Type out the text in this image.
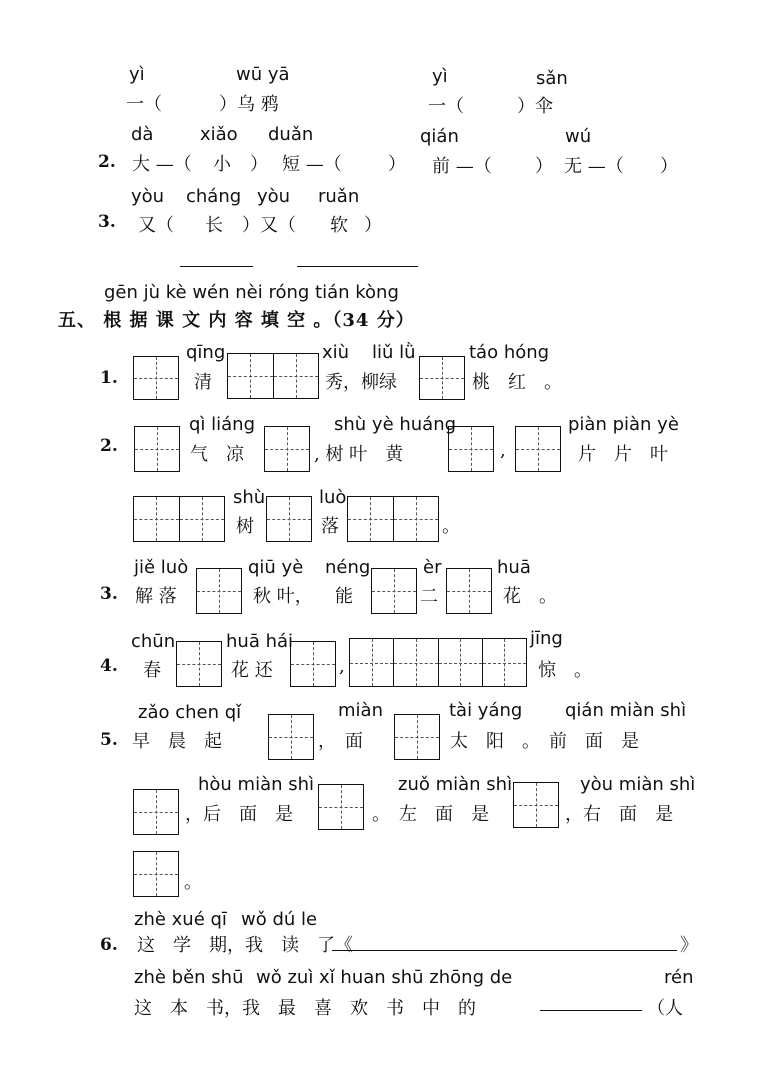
yì	wū yā	yì	sǎn
一（	）乌 鸦	一（	）伞
dà	xiǎo duǎn	qián	wú
2. 大 —（ 小 ） 短 —（	） 前 —（ ） 无 —（ ）
yòu cháng yòu ruǎn
3. 又（ 长 ）又（ 软 ）
gēn jù kè wén nèi róng tián kòng
五、 根 据 课 文 内 容 填 空 。（34 分）
qīng	xiù liǔ lǜ	táo hóng
1.	清	秀，柳绿	桃　红　。
qì liáng	shù yè huáng	piàn piàn yè
2.	气　凉	, 树 叶　黄	,	片　片　叶
shù	luò
树	落	。
jiě luò	qiū yè néng	èr	huā
3. 解 落	秋 叶， 能	二	花　。
chūn	huā hái	jīng
4. 春	花 还	,	惊　。
zǎo chen qǐ	miàn	tài yáng qián miàn shì
5. 早　晨　起	，　面	太　阳　。　前　面　是
hòu miàn shì	zuǒ miàn shì	yòu miàn shì
，后　面　是	。　左　面　是	，右　面　是
。
zhè xué qī wǒ dú le
6. 这　学　期，我　读　了《	》
zhè běn shū wǒ zuì xǐ huan shū zhōng de	rén
这　本　书，我　最　喜　欢　书　中　的	（人
